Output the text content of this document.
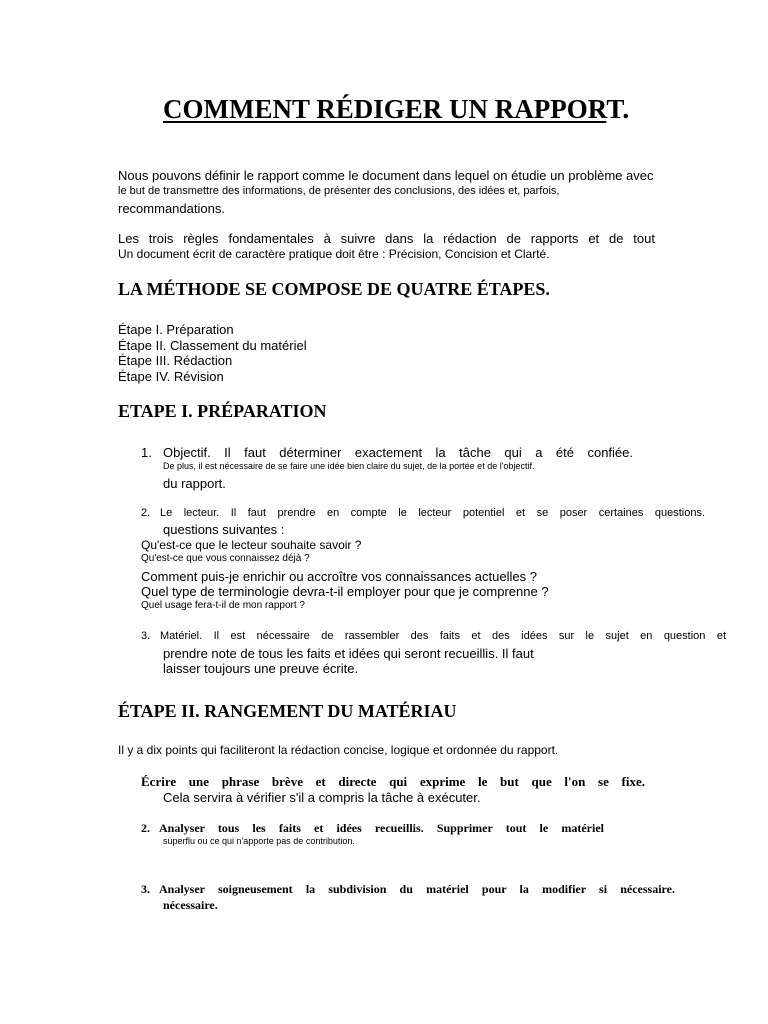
COMMENT RÉDIGER UN RAPPORT.
Nous pouvons définir le rapport comme le document dans lequel on étudie un problème avec
le but de transmettre des informations, de présenter des conclusions, des idées et, parfois,
recommandations.
Les trois règles fondamentales à suivre dans la rédaction de rapports et de tout
Un document écrit de caractère pratique doit être : Précision, Concision et Clarté.
LA MÉTHODE SE COMPOSE DE QUATRE ÉTAPES.
Étape I. Préparation
Étape II. Classement du matériel
Étape III. Rédaction
Étape IV. Révision
ETAPE I. PRÉPARATION
1. Objectif. Il faut déterminer exactement la tâche qui a été confiée.
De plus, il est nécessaire de se faire une idée bien claire du sujet, de la portée et de l'objectif.
du rapport.
2. Le lecteur. Il faut prendre en compte le lecteur potentiel et se poser certaines questions.
questions suivantes :
Qu'est-ce que le lecteur souhaite savoir ?
Qu'est-ce que vous connaissez déjà ?
Comment puis-je enrichir ou accroître vos connaissances actuelles ?
Quel type de terminologie devra-t-il employer pour que je comprenne ?
Quel usage fera-t-il de mon rapport ?
3. Matériel. Il est nécessaire de rassembler des faits et des idées sur le sujet en question et
prendre note de tous les faits et idées qui seront recueillis. Il faut
laisser toujours une preuve écrite.
ÉTAPE II. RANGEMENT DU MATÉRIAU
Il y a dix points qui faciliteront la rédaction concise, logique et ordonnée du rapport.
Écrire une phrase brève et directe qui exprime le but que l'on se fixe.
Cela servira à vérifier s'il a compris la tâche à exécuter.
2. Analyser tous les faits et idées recueillis. Supprimer tout le matériel
superflu ou ce qui n'apporte pas de contribution.
3. Analyser soigneusement la subdivision du matériel pour la modifier si nécessaire.
nécessaire.
